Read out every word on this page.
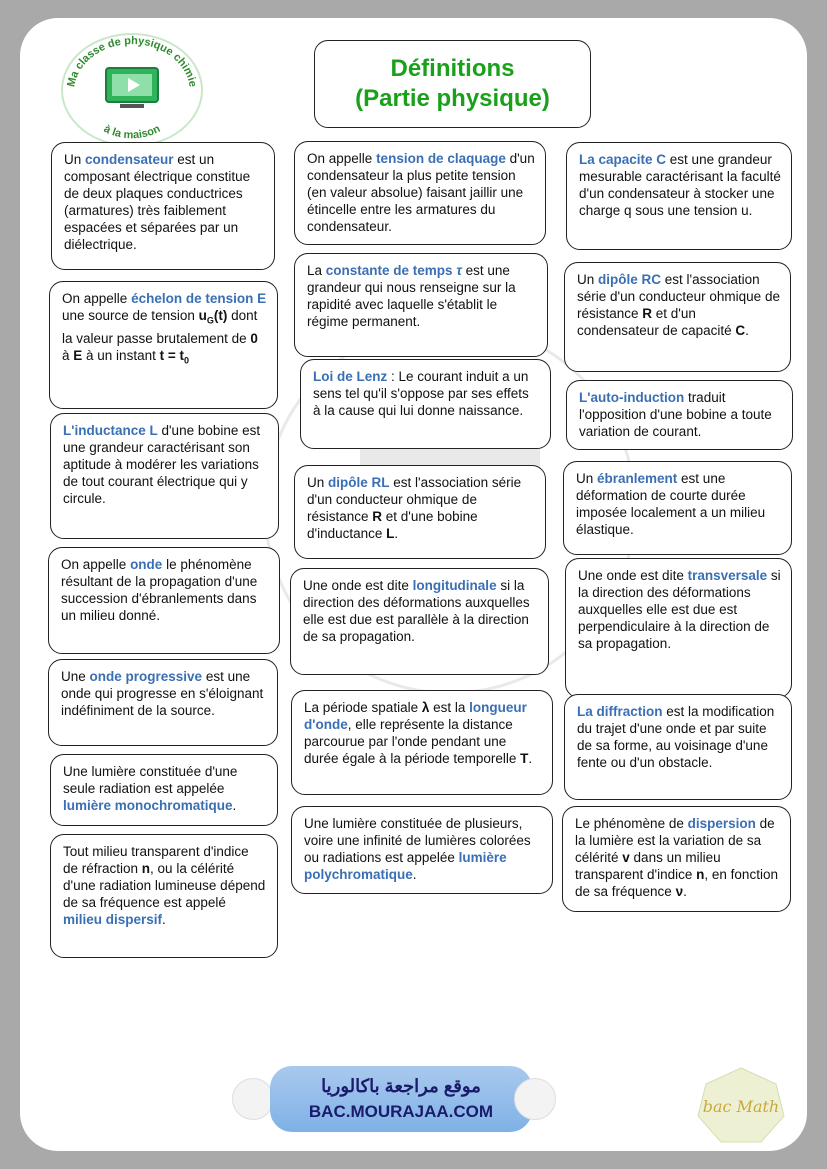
Ma classe de physique chimie
à la maison
Définitions
(Partie physique)
Un condensateur est un composant électrique constitue de deux plaques conductrices (armatures) très faiblement espacées et séparées par un diélectrique.
On appelle tension de claquage d'un condensateur la plus petite tension (en valeur absolue) faisant jaillir une étincelle entre les armatures du condensateur.
La capacite C est une grandeur mesurable caractérisant la faculté d'un condensateur à stocker une charge q sous une tension u.
On appelle échelon de tension E une source de tension $u_G(t)$ dont la valeur passe brutalement de 0 à E à un instant $t = t_0$
La constante de temps τ est une grandeur qui nous renseigne sur la rapidité avec laquelle s'établit le régime permanent.
Un dipôle RC est l'association série d'un conducteur ohmique de résistance R et d'un condensateur de capacité C.
Loi de Lenz : Le courant induit a un sens tel qu'il s'oppose par ses effets à la cause qui lui donne naissance.
L'auto-induction traduit l'opposition d'une bobine a toute variation de courant.
L'inductance L d'une bobine est une grandeur caractérisant son aptitude à modérer les variations de tout courant électrique qui y circule.
Un dipôle RL est l'association série d'un conducteur ohmique de résistance R et d'une bobine d'inductance L.
Un ébranlement est une déformation de courte durée imposée localement a un milieu élastique.
On appelle onde le phénomène résultant de la propagation d'une succession d'ébranlements dans un milieu donné.
Une onde est dite longitudinale si la direction des déformations auxquelles elle est due est parallèle à la direction de sa propagation.
Une onde est dite transversale si la direction des déformations auxquelles elle est due est perpendiculaire à la direction de sa propagation.
Une onde progressive est une onde qui progresse en s'éloignant indéfiniment de la source.	La période spatiale λ est la longueur d'onde, elle représente la distance parcourue par l'onde pendant une durée égale à la période temporelle T.
La diffraction est la modification du trajet d'une onde et par suite de sa forme, au voisinage d'une fente ou d'un obstacle.
Une lumière constituée d'une seule radiation est appelée lumière monochromatique.
Une lumière constituée de plusieurs, voire une infinité de lumières colorées ou radiations est appelée lumière polychromatique.
Le phénomène de dispersion de la lumière est la variation de sa célérité v dans un milieu transparent d'indice n, en fonction de sa fréquence ν.
Tout milieu transparent d'indice de réfraction n, ou la célérité d'une radiation lumineuse dépend de sa fréquence est appelé milieu dispersif.
موقع مراجعة باكالوريا
BAC.MOURAJAA.COM	bac Math
